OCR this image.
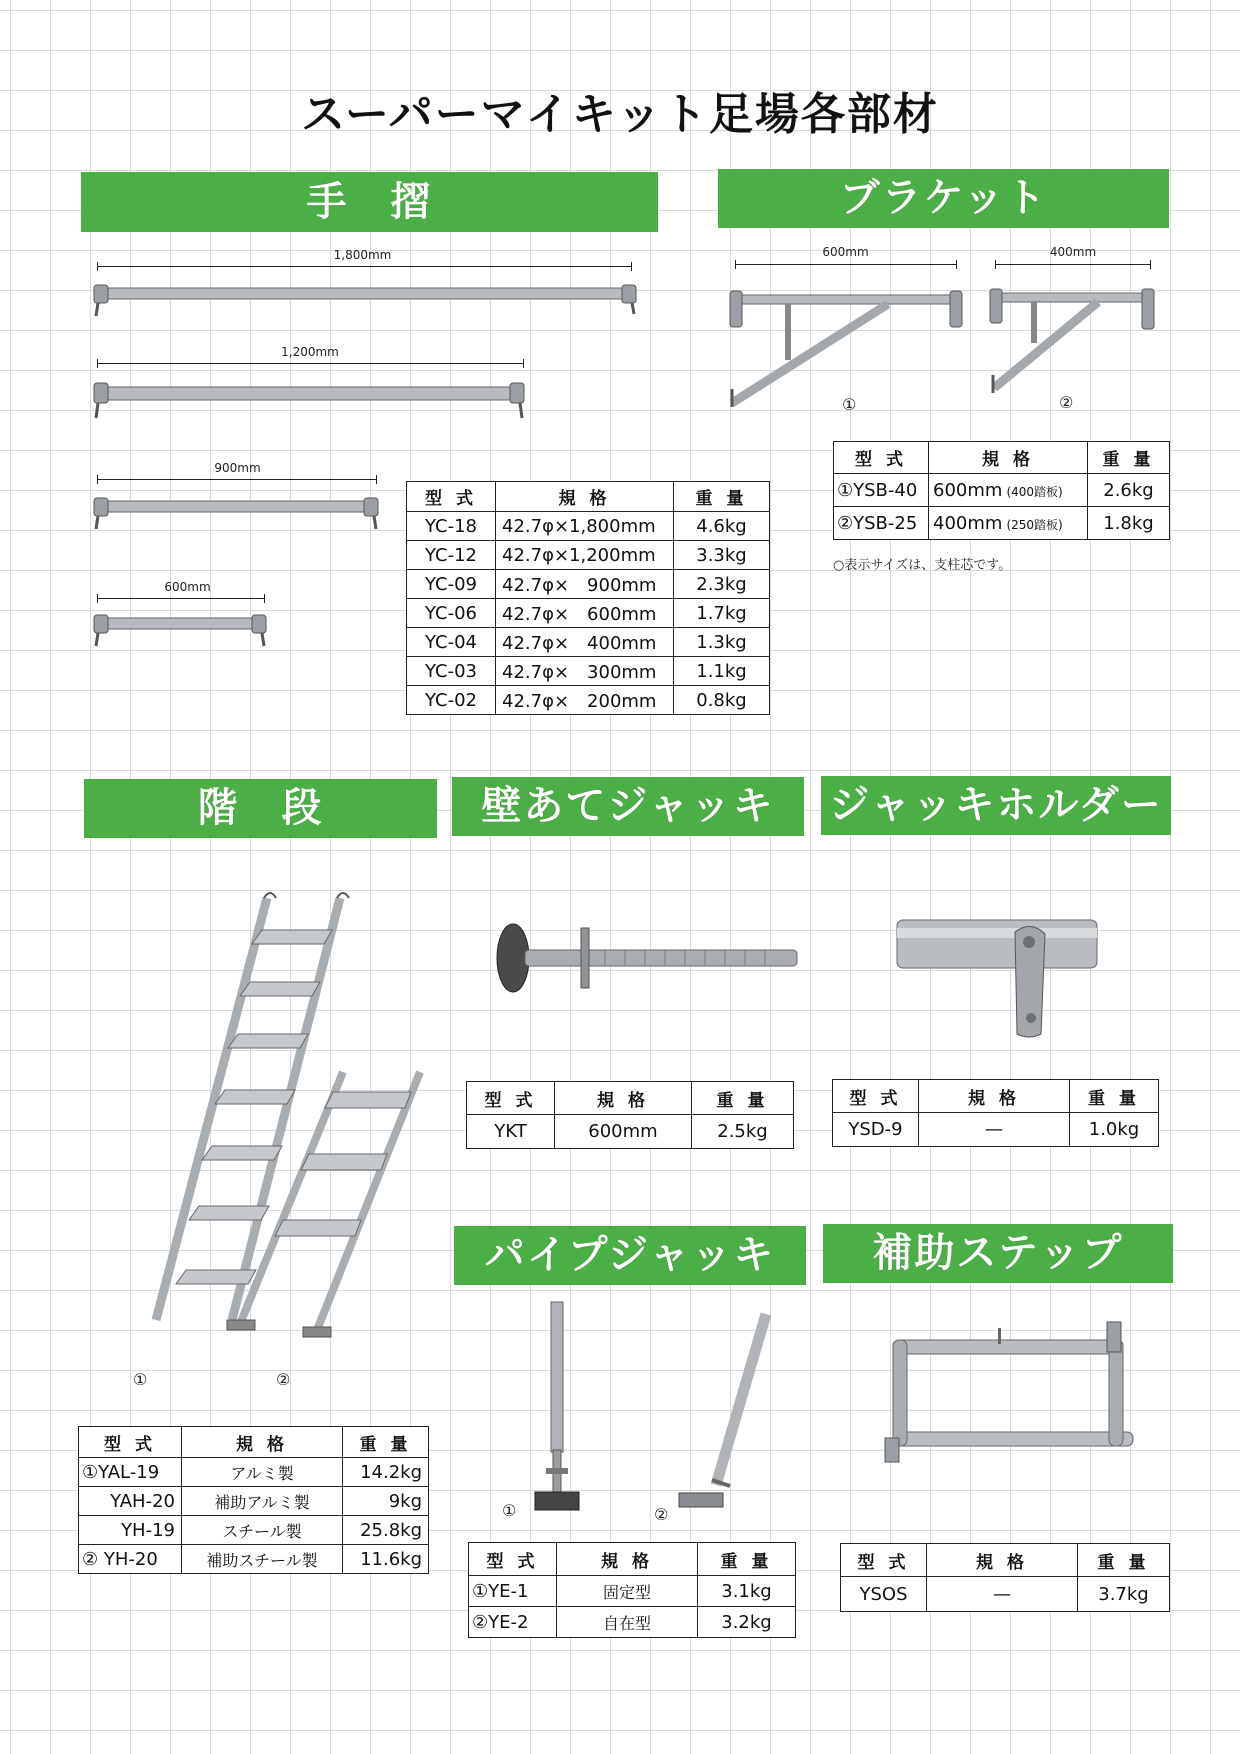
スーパーマイキット足場各部材
手　摺
1,800mm
1,200mm
900mm
600mm
型 式	規 格	重 量
YC-18	42.7φ×1,800mm	4.6kg
YC-12	42.7φ×1,200mm	3.3kg
YC-09	42.7φ×　900mm	2.3kg
YC-06	42.7φ×　600mm	1.7kg
YC-04	42.7φ×　400mm	1.3kg
YC-03	42.7φ×　300mm	1.1kg
YC-02	42.7φ×　200mm	0.8kg
ブラケット
600mm	400mm
①	②
型 式	規 格	重 量
①YSB-40	600mm (400踏板)	2.6kg
②YSB-25	400mm (250踏板)	1.8kg
○表示サイズは、支柱芯です。
階　段
①	②
型 式	規 格	重 量
①YAL-19	アルミ製	14.2kg
YAH-20	補助アルミ製	9kg
YH-19	スチール製	25.8kg
② YH-20	補助スチール製	11.6kg
壁あてジャッキ
型 式	規 格	重 量
YKT	600mm	2.5kg
ジャッキホルダー
型 式	規 格	重 量
YSD-9	—	1.0kg
パイプジャッキ
①	②
型 式	規 格	重 量
①YE-1	固定型	3.1kg
②YE-2	自在型	3.2kg
補助ステップ
型 式	規 格	重 量
YSOS	—	3.7kg
